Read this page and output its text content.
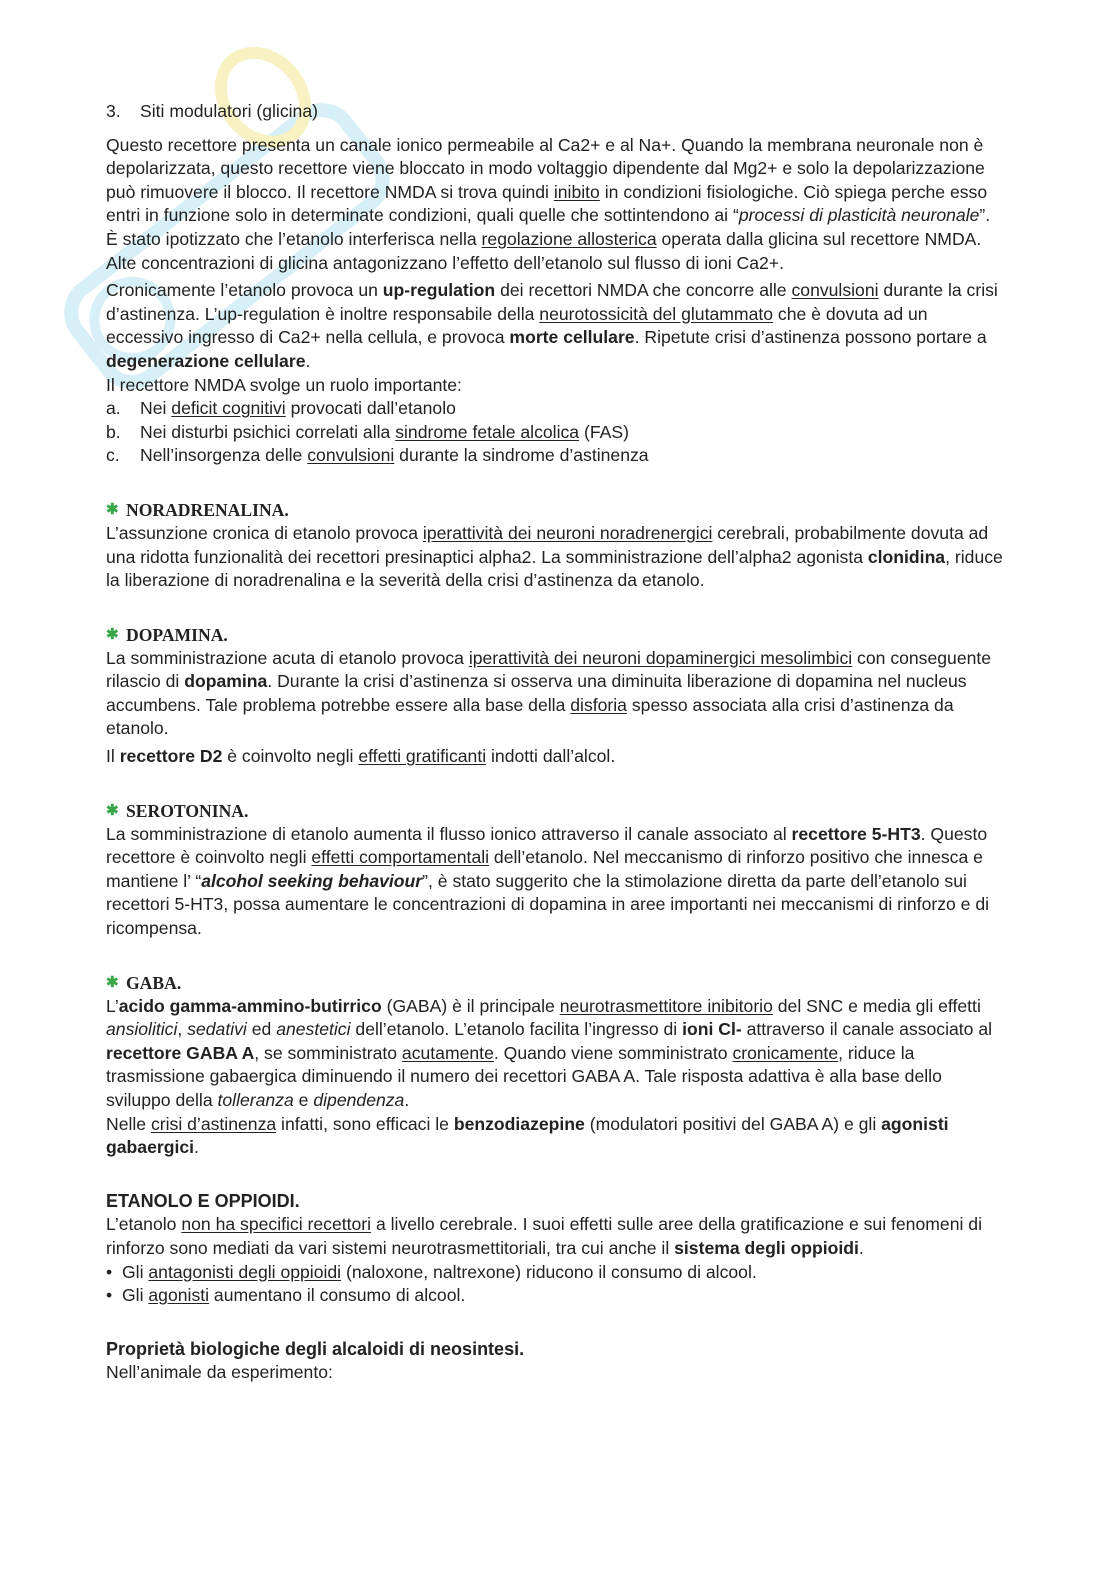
3.	Siti modulatori (glicina)

Questo recettore presenta un canale ionico permeabile al Ca2+ e al Na+. Quando la membrana neuronale non è depolarizzata, questo recettore viene bloccato in modo voltaggio dipendente dal Mg2+ e solo la depolarizzazione può rimuovere il blocco. Il recettore NMDA si trova quindi inibito in condizioni fisiologiche. Ciò spiega perche esso entri in funzione solo in determinate condizioni, quali quelle che sottintendono ai “processi di plasticità neuronale”.

È stato ipotizzato che l’etanolo interferisca nella regolazione allosterica operata dalla glicina sul recettore NMDA. Alte concentrazioni di glicina antagonizzano l’effetto dell’etanolo sul flusso di ioni Ca2+.

Cronicamente l’etanolo provoca un up-regulation dei recettori NMDA che concorre alle convulsioni durante la crisi d’astinenza. L’up-regulation è inoltre responsabile della neurotossicità del glutammato che è dovuta ad un eccessivo ingresso di Ca2+ nella cellula, e provoca morte cellulare. Ripetute crisi d’astinenza possono portare a degenerazione cellulare.

Il recettore NMDA svolge un ruolo importante:

a.	Nei deficit cognitivi provocati dall’etanolo
b.	Nei disturbi psichici correlati alla sindrome fetale alcolica (FAS)
c.	Nell’insorgenza delle convulsioni durante la sindrome d’astinenza
✱ NORADRENALINA.

L’assunzione cronica di etanolo provoca iperattività dei neuroni noradrenergici cerebrali, probabilmente dovuta ad una ridotta funzionalità dei recettori presinaptici alpha2. La somministrazione dell’alpha2 agonista clonidina, riduce la liberazione di noradrenalina e la severità della crisi d’astinenza da etanolo.

✱ DOPAMINA.

La somministrazione acuta di etanolo provoca iperattività dei neuroni dopaminergici mesolimbici con conseguente rilascio di dopamina. Durante la crisi d’astinenza si osserva una diminuita liberazione di dopamina nel nucleus accumbens. Tale problema potrebbe essere alla base della disforia spesso associata alla crisi d’astinenza da etanolo.

Il recettore D2 è coinvolto negli effetti gratificanti indotti dall’alcol.

✱ SEROTONINA.

La somministrazione di etanolo aumenta il flusso ionico attraverso il canale associato al recettore 5-HT3. Questo recettore è coinvolto negli effetti comportamentali dell’etanolo. Nel meccanismo di rinforzo positivo che innesca e mantiene l’ “alcohol seeking behaviour”, è stato suggerito che la stimolazione diretta da parte dell’etanolo sui recettori 5-HT3, possa aumentare le concentrazioni di dopamina in aree importanti nei meccanismi di rinforzo e di ricompensa.

✱ GABA.

L’acido gamma-ammino-butirrico (GABA) è il principale neurotrasmettitore inibitorio del SNC e media gli effetti ansiolitici, sedativi ed anestetici dell’etanolo. L’etanolo facilita l’ingresso di ioni Cl- attraverso il canale associato al recettore GABA A, se somministrato acutamente. Quando viene somministrato cronicamente, riduce la trasmissione gabaergica diminuendo il numero dei recettori GABA A. Tale risposta adattiva è alla base dello sviluppo della tolleranza e dipendenza.

Nelle crisi d’astinenza infatti, sono efficaci le benzodiazepine (modulatori positivi del GABA A) e gli agonisti gabaergici.

ETANOLO E OPPIOIDI.

L’etanolo non ha specifici recettori a livello cerebrale. I suoi effetti sulle aree della gratificazione e sui fenomeni di rinforzo sono mediati da vari sistemi neurotrasmettitoriali, tra cui anche il sistema degli oppioidi.

• Gli antagonisti degli oppioidi (naloxone, naltrexone) riducono il consumo di alcool.
• Gli agonisti aumentano il consumo di alcool.
Proprietà biologiche degli alcaloidi di neosintesi.

Nell’animale da esperimento:
